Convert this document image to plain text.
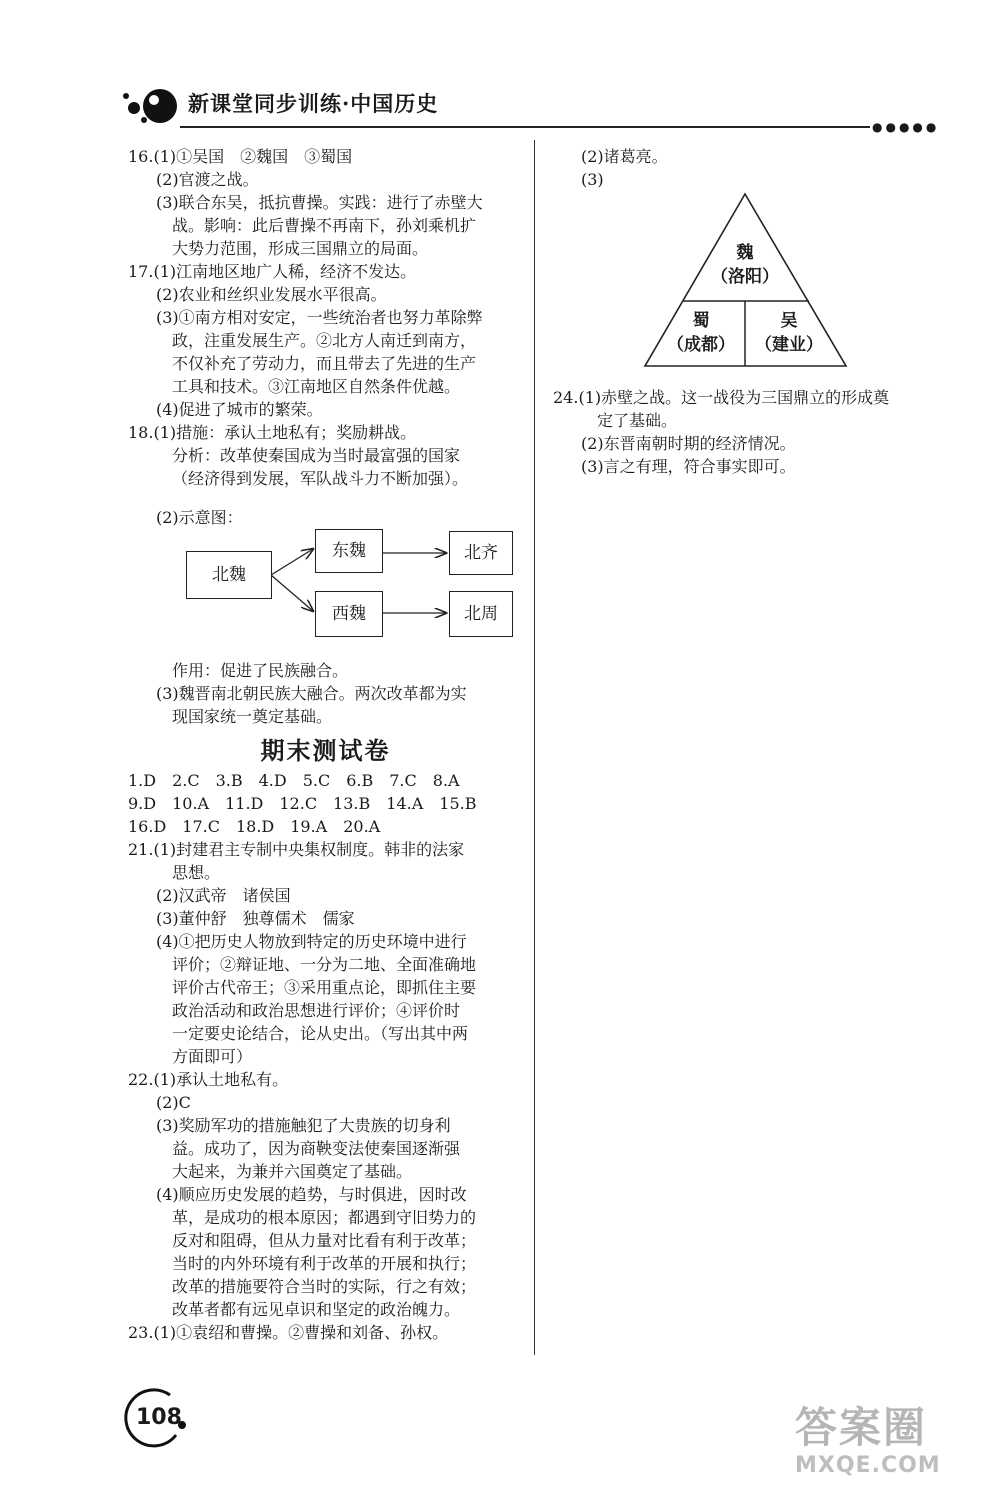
新课堂同步训练·中国历史
●●●●●
16.(1)①吴国　②魏国　③蜀国
(2)官渡之战。
(3)联合东吴，抵抗曹操。实践：进行了赤壁大
战。影响：此后曹操不再南下，孙刘乘机扩
大势力范围，形成三国鼎立的局面。
17.(1)江南地区地广人稀，经济不发达。
(2)农业和丝织业发展水平很高。
(3)①南方相对安定，一些统治者也努力革除弊
政，注重发展生产。②北方人南迁到南方，
不仅补充了劳动力，而且带去了先进的生产
工具和技术。③江南地区自然条件优越。
(4)促进了城市的繁荣。
18.(1)措施：承认土地私有；奖励耕战。
分析：改革使秦国成为当时最富强的国家
（经济得到发展，军队战斗力不断加强）。
(2)示意图：
北魏
东魏
西魏
北齐
北周
作用：促进了民族融合。
(3)魏晋南北朝民族大融合。两次改革都为实
现国家统一奠定基础。
期末测试卷
1.D　2.C　3.B　4.D　5.C　6.B　7.C　8.A
9.D　10.A　11.D　12.C　13.B　14.A　15.B
16.D　17.C　18.D　19.A　20.A
21.(1)封建君主专制中央集权制度。韩非的法家
思想。
(2)汉武帝　诸侯国
(3)董仲舒　独尊儒术　儒家
(4)①把历史人物放到特定的历史环境中进行
评价；②辩证地、一分为二地、全面准确地
评价古代帝王；③采用重点论，即抓住主要
政治活动和政治思想进行评价；④评价时
一定要史论结合，论从史出。（写出其中两
方面即可）
22.(1)承认土地私有。
(2)C
(3)奖励军功的措施触犯了大贵族的切身利
益。成功了，因为商鞅变法使秦国逐渐强
大起来，为兼并六国奠定了基础。
(4)顺应历史发展的趋势，与时俱进，因时改
革，是成功的根本原因；都遇到守旧势力的
反对和阻碍，但从力量对比看有利于改革；
当时的内外环境有利于改革的开展和执行；
改革的措施要符合当时的实际，行之有效；
改革者都有远见卓识和坚定的政治魄力。
23.(1)①袁绍和曹操。②曹操和刘备、孙权。
(2)诸葛亮。
(3)
魏
（洛阳）
蜀
（成都）
吴
（建业）
24.(1)赤壁之战。这一战役为三国鼎立的形成奠
定了基础。
(2)东晋南朝时期的经济情况。
(3)言之有理，符合事实即可。
108	答案圈
MXQE.COM
